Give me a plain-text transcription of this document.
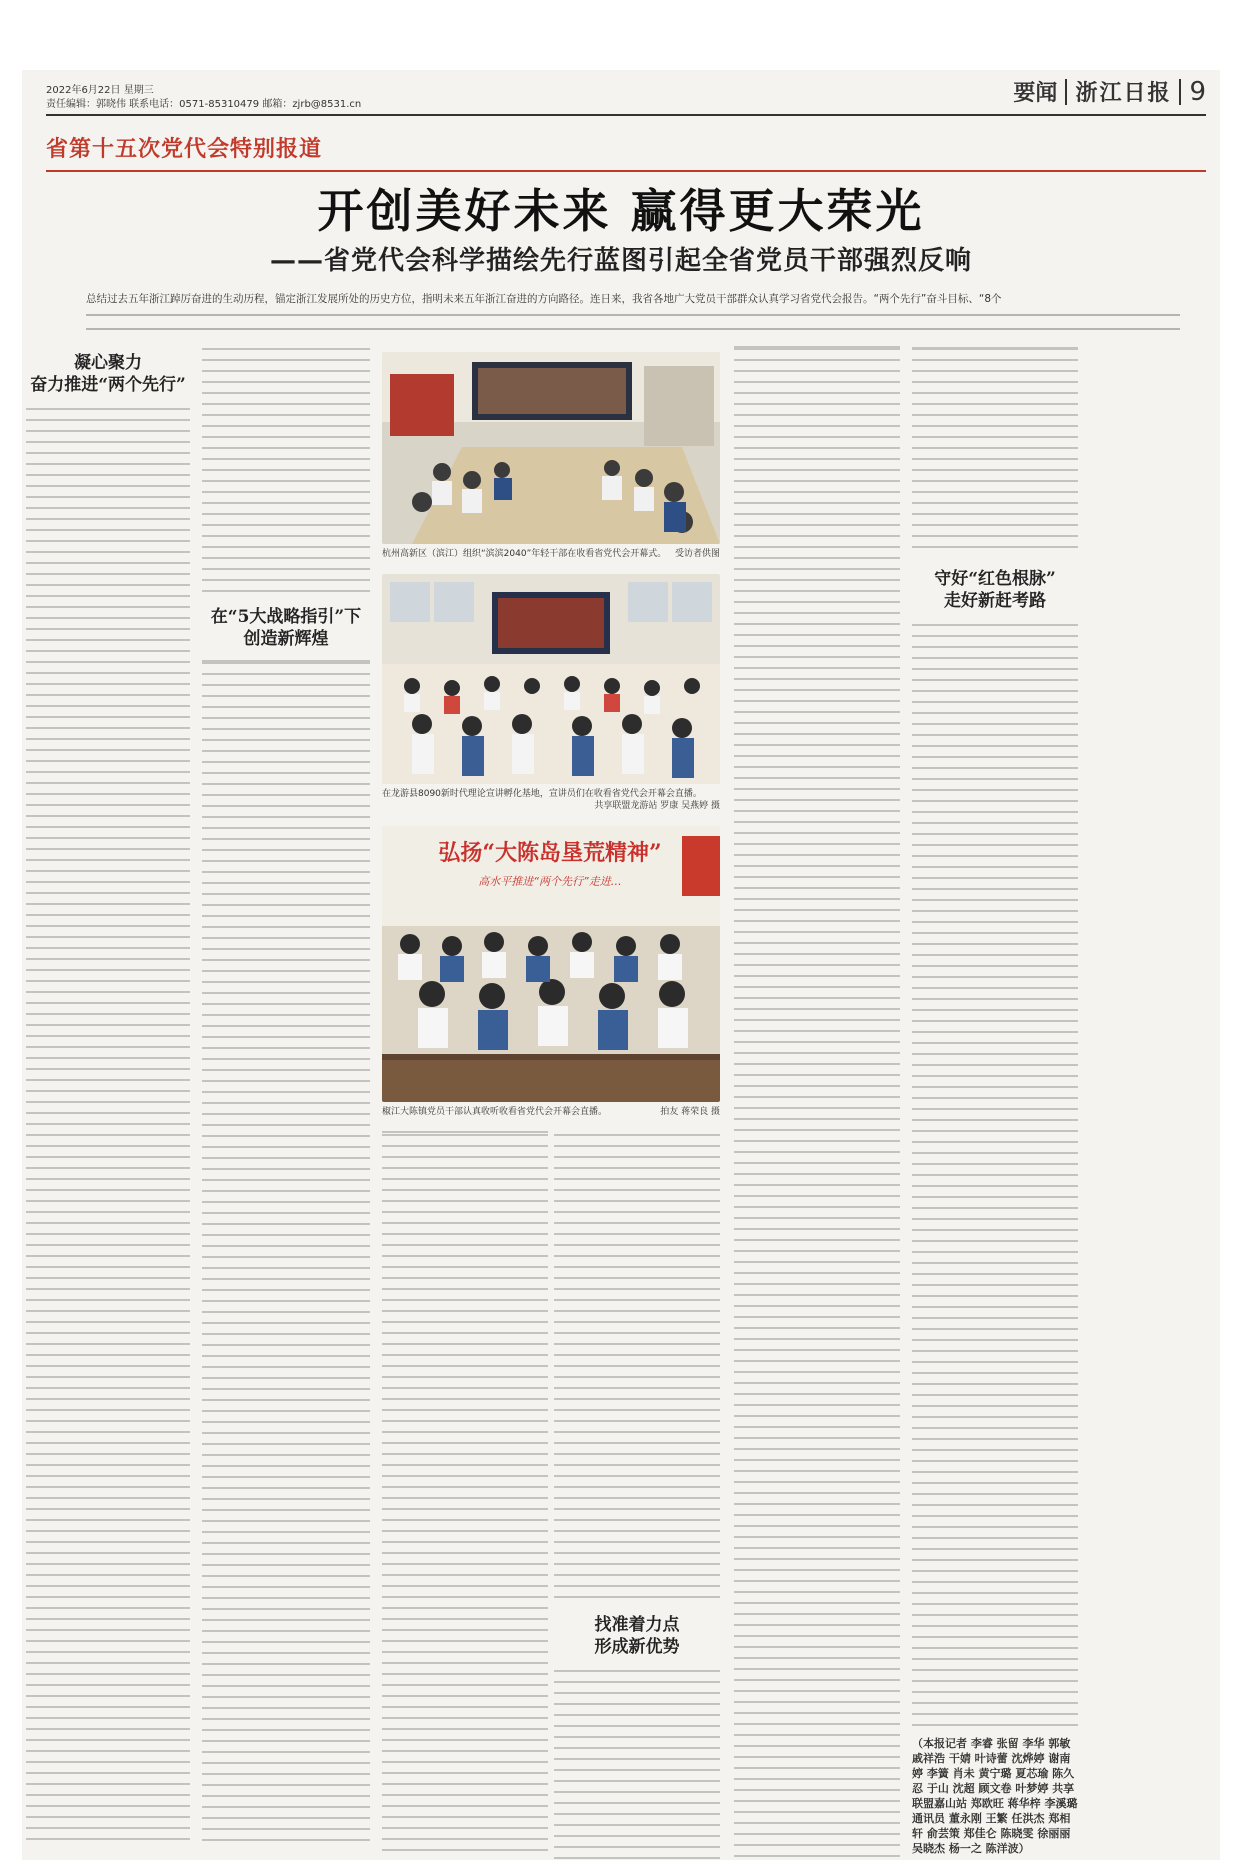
2022年6月22日 星期三
责任编辑：郭晓伟 联系电话：0571-85310479 邮箱：zjrb@8531.cn	要闻 浙江日报 9
省第十五次党代会特别报道
开创美好未来 赢得更大荣光
——省党代会科学描绘先行蓝图引起全省党员干部强烈反响
总结过去五年浙江踔厉奋进的生动历程，锚定浙江发展所处的历史方位，指明未来五年浙江奋进的方向路径。连日来，我省各地广大党员干部群众认真学习省党代会报告。“两个先行”奋斗目标、“8个
凝心聚力
奋力推进“两个先行”
在“5大战略指引”下
创造新辉煌
杭州高新区（滨江）组织“滨滨2040”年轻干部在收看省党代会开幕式。 受访者供图
在龙游县8090新时代理论宣讲孵化基地，宣讲员们在收看省党代会开幕会直播。
共享联盟龙游站 罗康 吴燕婷 摄
弘扬“大陈岛垦荒精神”
高水平推进“两个先行”走进…
椒江大陈镇党员干部认真收听收看省党代会开幕会直播。	拍友 蒋荣良 摄
找准着力点
形成新优势
守好“红色根脉”
走好新赶考路
（本报记者 李睿 张留 李华 郭敏 戚祥浩 干婧 叶诗蕾 沈烨婷 谢南婷 李簧 肖未 黄宁璐 夏芯瑜 陈久忍 于山 沈超 顾文卷 叶梦婷 共享联盟嘉山站 郑欧旺 蒋华梓 李溪璐 通讯员 董永刚 王繁 任洪杰 郑相轩 俞芸策 郑佳仑 陈晓雯 徐丽丽 吴晓杰 杨一之 陈洋波）
